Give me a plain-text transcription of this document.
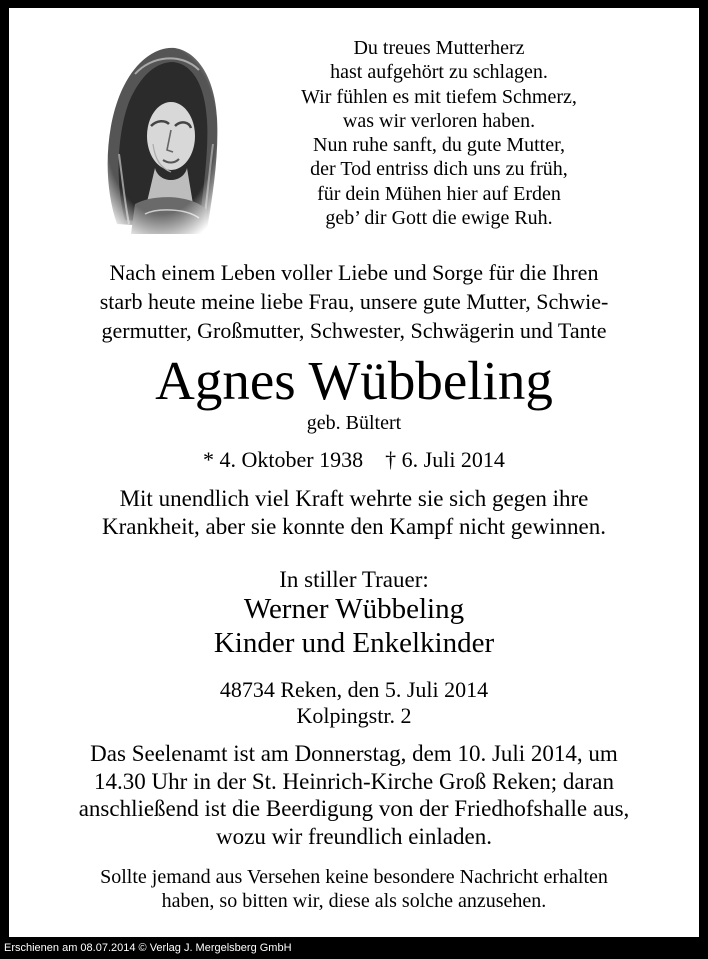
Du treues Mutterherz
hast aufgehört zu schlagen.
Wir fühlen es mit tiefem Schmerz,
was wir verloren haben.
Nun ruhe sanft, du gute Mutter,
der Tod entriss dich uns zu früh,
für dein Mühen hier auf Erden
geb’ dir Gott die ewige Ruh.
Nach einem Leben voller Liebe und Sorge für die Ihren
starb heute meine liebe Frau, unsere gute Mutter, Schwie-
germutter, Großmutter, Schwester, Schwägerin und Tante
Agnes Wübbeling
geb. Bültert
* 4. Oktober 1938 † 6. Juli 2014
Mit unendlich viel Kraft wehrte sie sich gegen ihre
Krankheit, aber sie konnte den Kampf nicht gewinnen.
In stiller Trauer:
Werner Wübbeling
Kinder und Enkelkinder
48734 Reken, den 5. Juli 2014
Kolpingstr. 2
Das Seelenamt ist am Donnerstag, dem 10. Juli 2014, um
14.30 Uhr in der St. Heinrich-Kirche Groß Reken; daran
anschließend ist die Beerdigung von der Friedhofshalle aus,
wozu wir freundlich einladen.
Sollte jemand aus Versehen keine besondere Nachricht erhalten
haben, so bitten wir, diese als solche anzusehen.
Erschienen am 08.07.2014 © Verlag J. Mergelsberg GmbH
